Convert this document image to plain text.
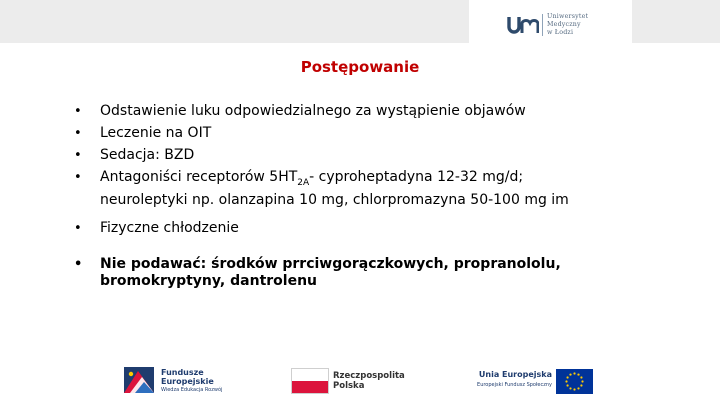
Uniwersytet
Medyczny
w Łodzi
Postępowanie
• Odstawienie luku odpowiedzialnego za wystąpienie objawów
• Leczenie na OIT
• Sedacja: BZD
• Antagoniści receptorów $5HT_{2A}-$ cyproheptadyna 12-32 mg/d;
neuroleptyki np. olanzapina 10 mg, chlorpromazyna 50-100 mg im
• Fizyczne chłodzenie
• Nie podawać: środków prrciwgorączkowych, propranololu,
bromokryptyny, dantrolenu
Fundusze
Europejskie
Wiedza Edukacja Rozwój
Rzeczpospolita
Polska
Unia Europejska
Europejski Fundusz Społeczny
